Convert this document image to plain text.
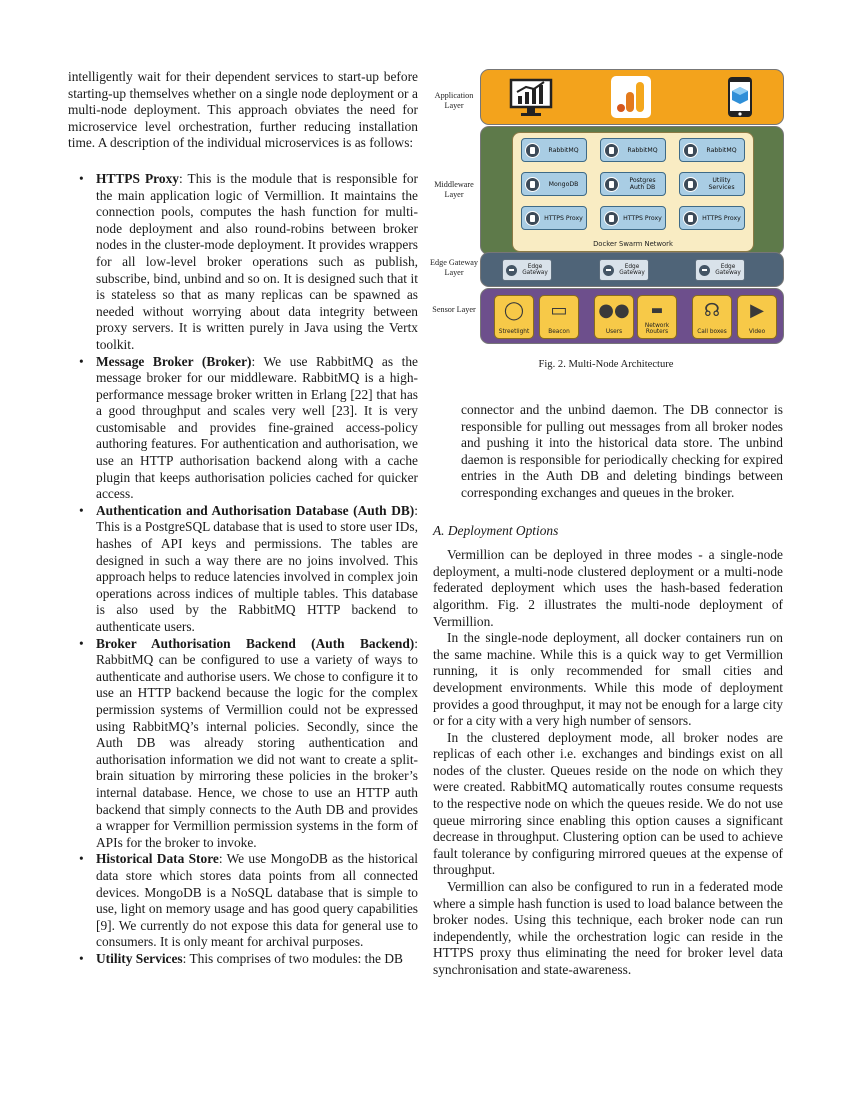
intelligently wait for their dependent services to start-up before starting-up themselves whether on a single node deployment or a multi-node deployment. This approach obviates the need for microservice level orchestration, further reducing installation time. A description of the individual microservices is as follows:

• HTTPS Proxy: This is the module that is responsible for the main application logic of Vermillion. It maintains the connection pools, computes the hash function for multi-node deployment and also round-robins between broker nodes in the cluster-mode deployment. It provides wrappers for all low-level broker operations such as publish, subscribe, bind, unbind and so on. It is designed such that it is stateless so that as many replicas can be spawned as needed without worrying about data integrity between proxy servers. It is written purely in Java using the Vertx toolkit.
• Message Broker (Broker): We use RabbitMQ as the message broker for our middleware. RabbitMQ is a high-performance message broker written in Erlang [22] that has a good throughput and scales very well [23]. It is very customisable and provides fine-grained access-policy authoring features. For authentication and authorisation, we use an HTTP authorisation backend along with a cache plugin that keeps authorisation policies cached for quicker access.
• Authentication and Authorisation Database (Auth DB): This is a PostgreSQL database that is used to store user IDs, hashes of API keys and permissions. The tables are designed in such a way there are no joins involved. This approach helps to reduce latencies involved in complex join operations across indices of multiple tables. This database is also used by the RabbitMQ HTTP backend to authenticate users.
• Broker Authorisation Backend (Auth Backend): RabbitMQ can be configured to use a variety of ways to authenticate and authorise users. We chose to configure it to use an HTTP backend because the logic for the complex permission systems of Vermillion could not be expressed using RabbitMQ’s internal policies. Secondly, since the Auth DB was already storing authentication and authorisation information we did not want to create a split-brain situation by mirroring these policies in the broker’s internal database. Hence, we chose to use an HTTP auth backend that simply connects to the Auth DB and provides a wrapper for Vermillion permission systems in the form of APIs for the broker to invoke.
• Historical Data Store: We use MongoDB as the historical data store which stores data points from all connected devices. MongoDB is a NoSQL database that is simple to use, light on memory usage and has good query capabilities [9]. We currently do not expose this data for general use to consumers. It is only meant for archival purposes.
• Utility Services: This comprises of two modules: the DB
Application Layer
Middleware Layer
Edge Gateway Layer
Sensor Layer
RabbitMQ	RabbitMQ	RabbitMQ
MongoDB	Postgres Auth DB
Utility Services
HTTPS Proxy	HTTPS Proxy	HTTPS Proxy
Docker Swarm Network
Edge Gateway
Edge Gateway
Edge Gateway
◯
Streetlight
▭
Beacon
●●
Users
▬
Network Routers
☊
Call boxes
▶
Video
Fig. 2. Multi-Node Architecture

connector and the unbind daemon. The DB connector is responsible for pulling out messages from all broker nodes and pushing it into the historical data store. The unbind daemon is responsible for periodically checking for expired entries in the Auth DB and deleting bindings between corresponding exchanges and queues in the broker.

A. Deployment Options

Vermillion can be deployed in three modes - a single-node deployment, a multi-node clustered deployment or a multi-node federated deployment which uses the hash-based federation algorithm. Fig. 2 illustrates the multi-node deployment of Vermillion.

In the single-node deployment, all docker containers run on the same machine. While this is a quick way to get Vermillion running, it is only recommended for small cities and development environments. While this mode of deployment provides a good throughput, it may not be enough for a large city or for a city with a very high number of sensors.

In the clustered deployment mode, all broker nodes are replicas of each other i.e. exchanges and bindings exist on all nodes of the cluster. Queues reside on the node on which they were created. RabbitMQ automatically routes consume requests to the respective node on which the queues reside. We do not use queue mirroring since enabling this option causes a significant decrease in throughput. Clustering option can be used to achieve fault tolerance by configuring mirrored queues at the expense of throughput.

Vermillion can also be configured to run in a federated mode where a simple hash function is used to load balance between the broker nodes. Using this technique, each broker node can run independently, while the orchestration logic can reside in the HTTPS proxy thus eliminating the need for broker level data synchronisation and state-awareness.
